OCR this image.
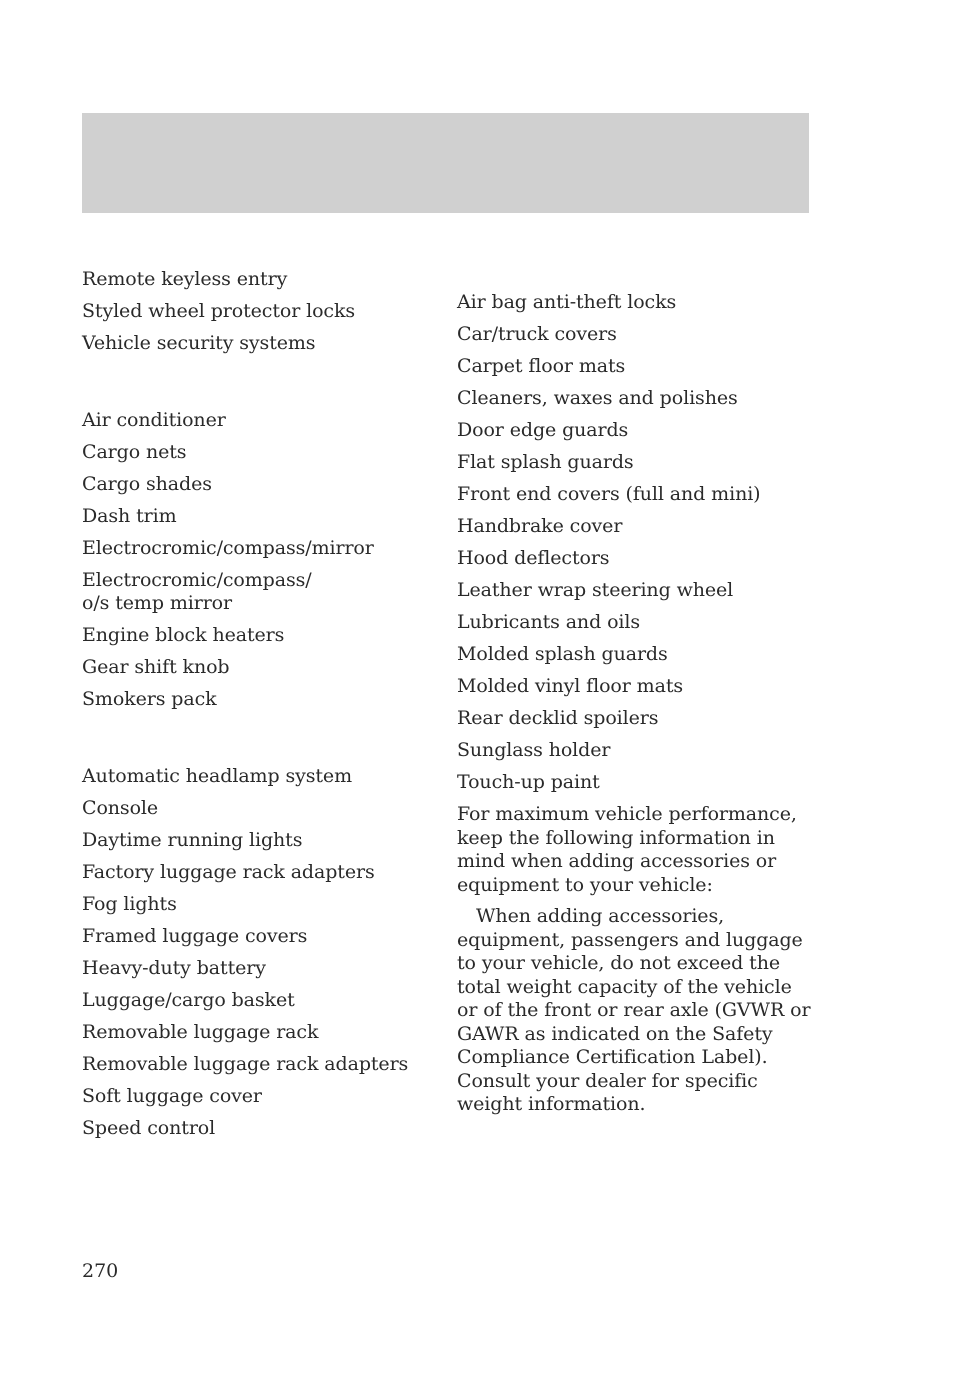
Remote keyless entry
Styled wheel protector locks
Vehicle security systems
Air conditioner
Cargo nets
Cargo shades
Dash trim
Electrocromic/compass/mirror
Electrocromic/compass/ o/s temp mirror
Engine block heaters
Gear shift knob
Smokers pack
Automatic headlamp system
Console
Daytime running lights
Factory luggage rack adapters
Fog lights
Framed luggage covers
Heavy-duty battery
Luggage/cargo basket
Removable luggage rack
Removable luggage rack adapters
Soft luggage cover
Speed control
Air bag anti-theft locks
Car/truck covers
Carpet floor mats
Cleaners, waxes and polishes
Door edge guards
Flat splash guards
Front end covers (full and mini)
Handbrake cover
Hood deflectors
Leather wrap steering wheel
Lubricants and oils
Molded splash guards
Molded vinyl floor mats
Rear decklid spoilers
Sunglass holder
Touch-up paint

For maximum vehicle performance, keep the following information in mind when adding accessories or equipment to your vehicle:

When adding accessories, equipment, passengers and luggage to your vehicle, do not exceed the total weight capacity of the vehicle or of the front or rear axle (GVWR or GAWR as indicated on the Safety Compliance Certification Label). Consult your dealer for specific weight information.

270
